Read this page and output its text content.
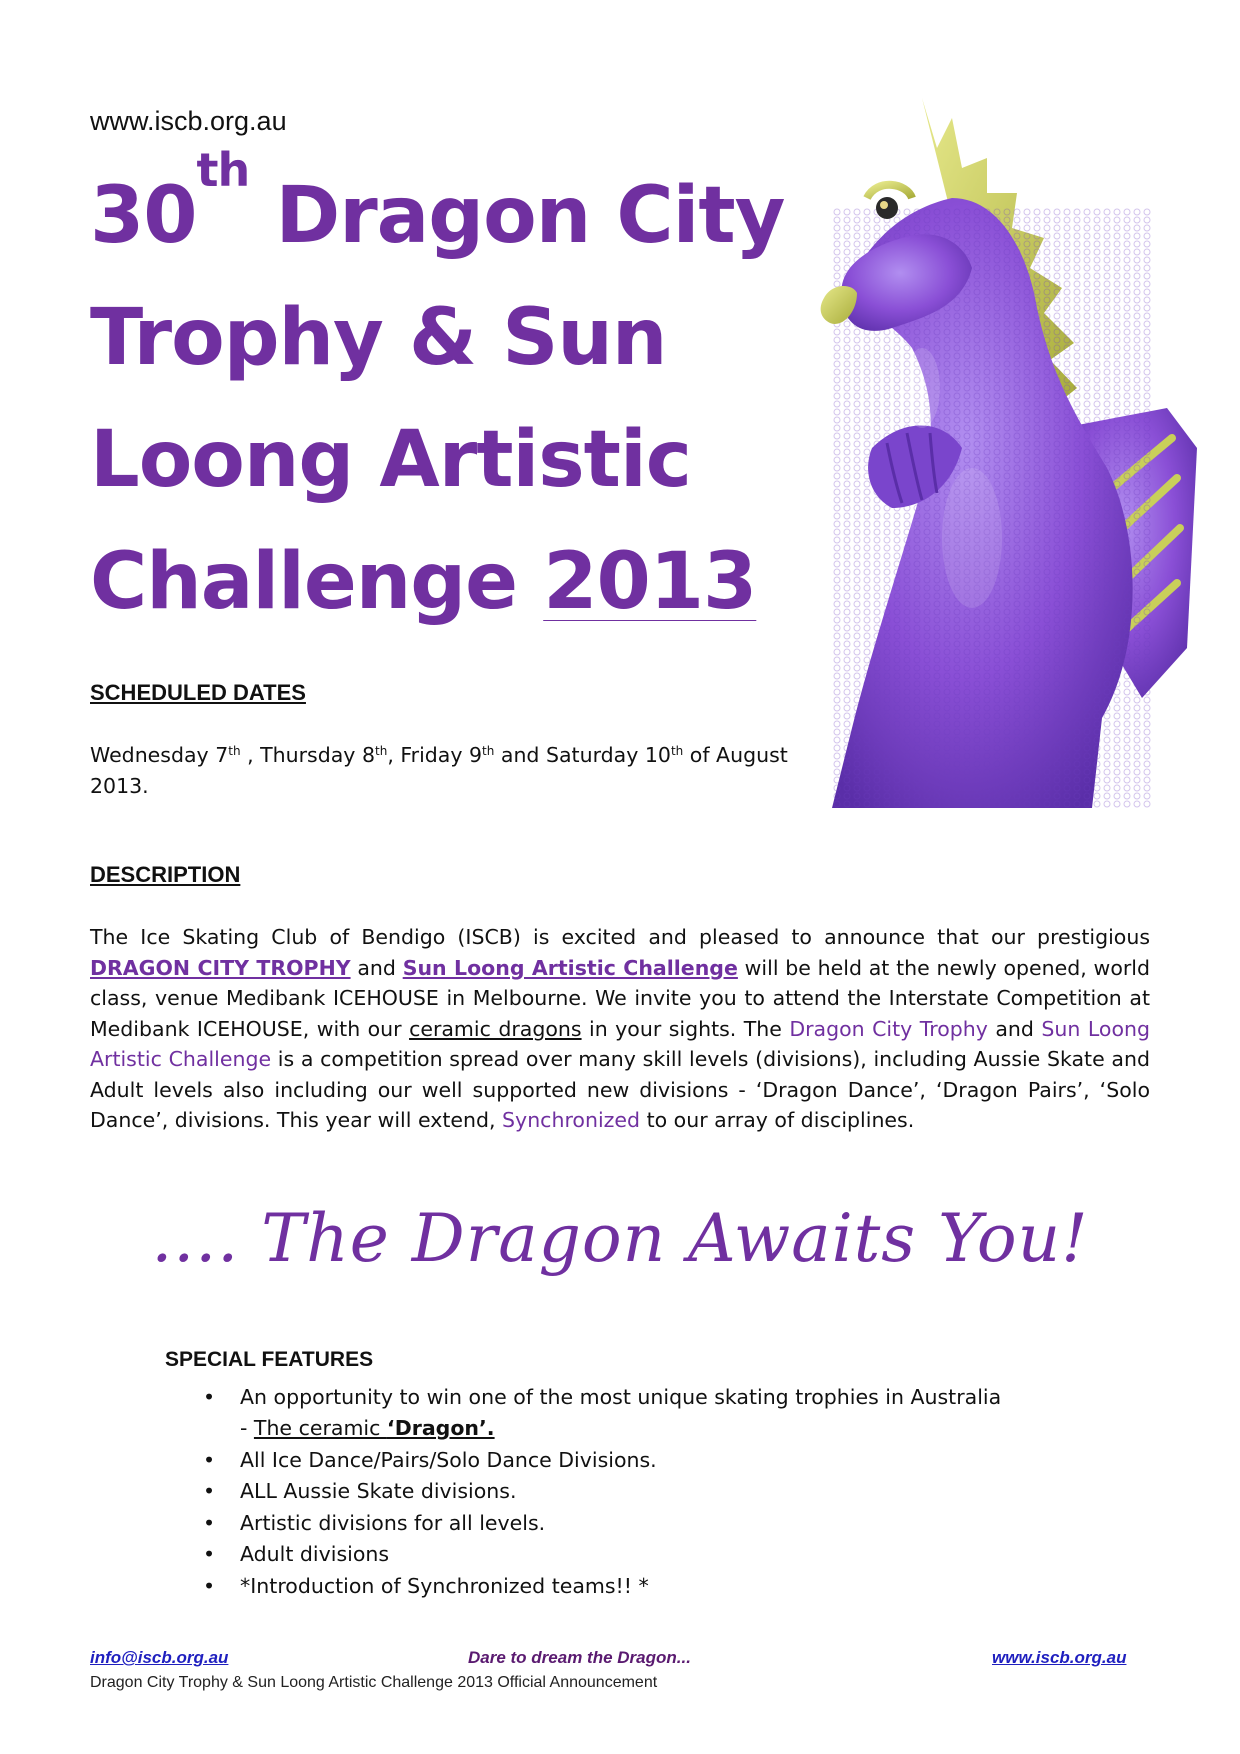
www.iscb.org.au
30th Dragon City
Trophy & Sun
Loong Artistic
Challenge 2013
SCHEDULED DATES
Wednesday 7th , Thursday 8th, Friday 9th and Saturday 10th of August 2013.
DESCRIPTION
The Ice Skating Club of Bendigo (ISCB) is excited and pleased to announce that our prestigious DRAGON CITY TROPHY and Sun Loong Artistic Challenge will be held at the newly opened, world class, venue Medibank ICEHOUSE in Melbourne. We invite you to attend the Interstate Competition at Medibank ICEHOUSE, with our ceramic dragons in your sights. The Dragon City Trophy and Sun Loong Artistic Challenge is a competition spread over many skill levels (divisions), including Aussie Skate and Adult levels also including our well supported new divisions - ‘Dragon Dance’, ‘Dragon Pairs’, ‘Solo Dance’, divisions. This year will extend, Synchronized to our array of disciplines.
.... The Dragon Awaits You!
SPECIAL FEATURES
• An opportunity to win one of the most unique skating trophies in Australia
- The ceramic ‘Dragon’.
• All Ice Dance/Pairs/Solo Dance Divisions.
• ALL Aussie Skate divisions.
• Artistic divisions for all levels.
• Adult divisions
• *Introduction of Synchronized teams!! *
info@iscb.org.au	Dare to dream the Dragon...	www.iscb.org.au
Dragon City Trophy & Sun Loong Artistic Challenge 2013 Official Announcement
